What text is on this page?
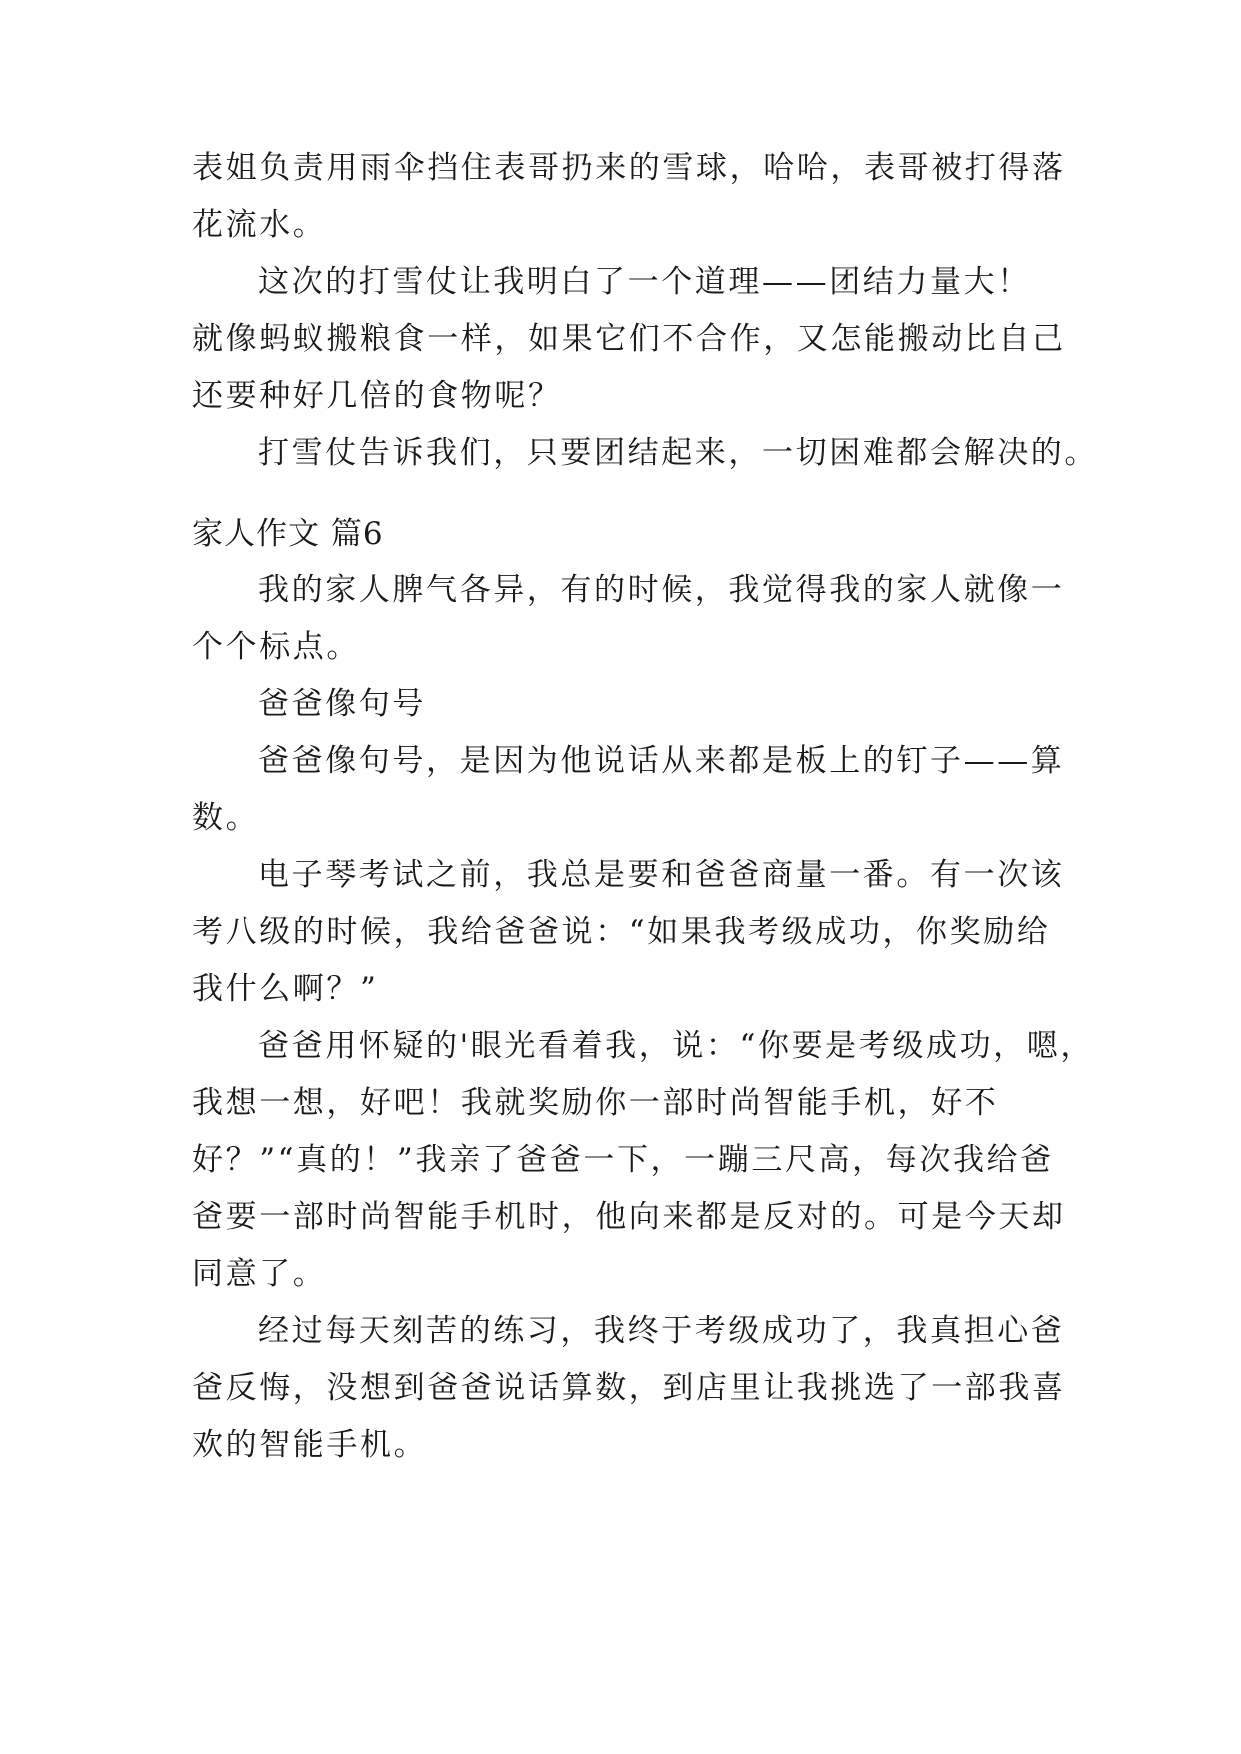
表姐负责用雨伞挡住表哥扔来的雪球，哈哈，表哥被打得落
花流水。
这次的打雪仗让我明白了一个道理——团结力量大！
就像蚂蚁搬粮食一样，如果它们不合作，又怎能搬动比自己
还要种好几倍的食物呢？
打雪仗告诉我们，只要团结起来，一切困难都会解决的。
家人作文 篇6
我的家人脾气各异，有的时候，我觉得我的家人就像一
个个标点。
爸爸像句号
爸爸像句号，是因为他说话从来都是板上的钉子——算
数。
电子琴考试之前，我总是要和爸爸商量一番。有一次该
考八级的时候，我给爸爸说：“如果我考级成功，你奖励给
我什么啊？”
爸爸用怀疑的'眼光看着我，说：“你要是考级成功，嗯，
我想一想，好吧！我就奖励你一部时尚智能手机，好不
好？”“真的！”我亲了爸爸一下，一蹦三尺高，每次我给爸
爸要一部时尚智能手机时，他向来都是反对的。可是今天却
同意了。
经过每天刻苦的练习，我终于考级成功了，我真担心爸
爸反悔，没想到爸爸说话算数，到店里让我挑选了一部我喜
欢的智能手机。
